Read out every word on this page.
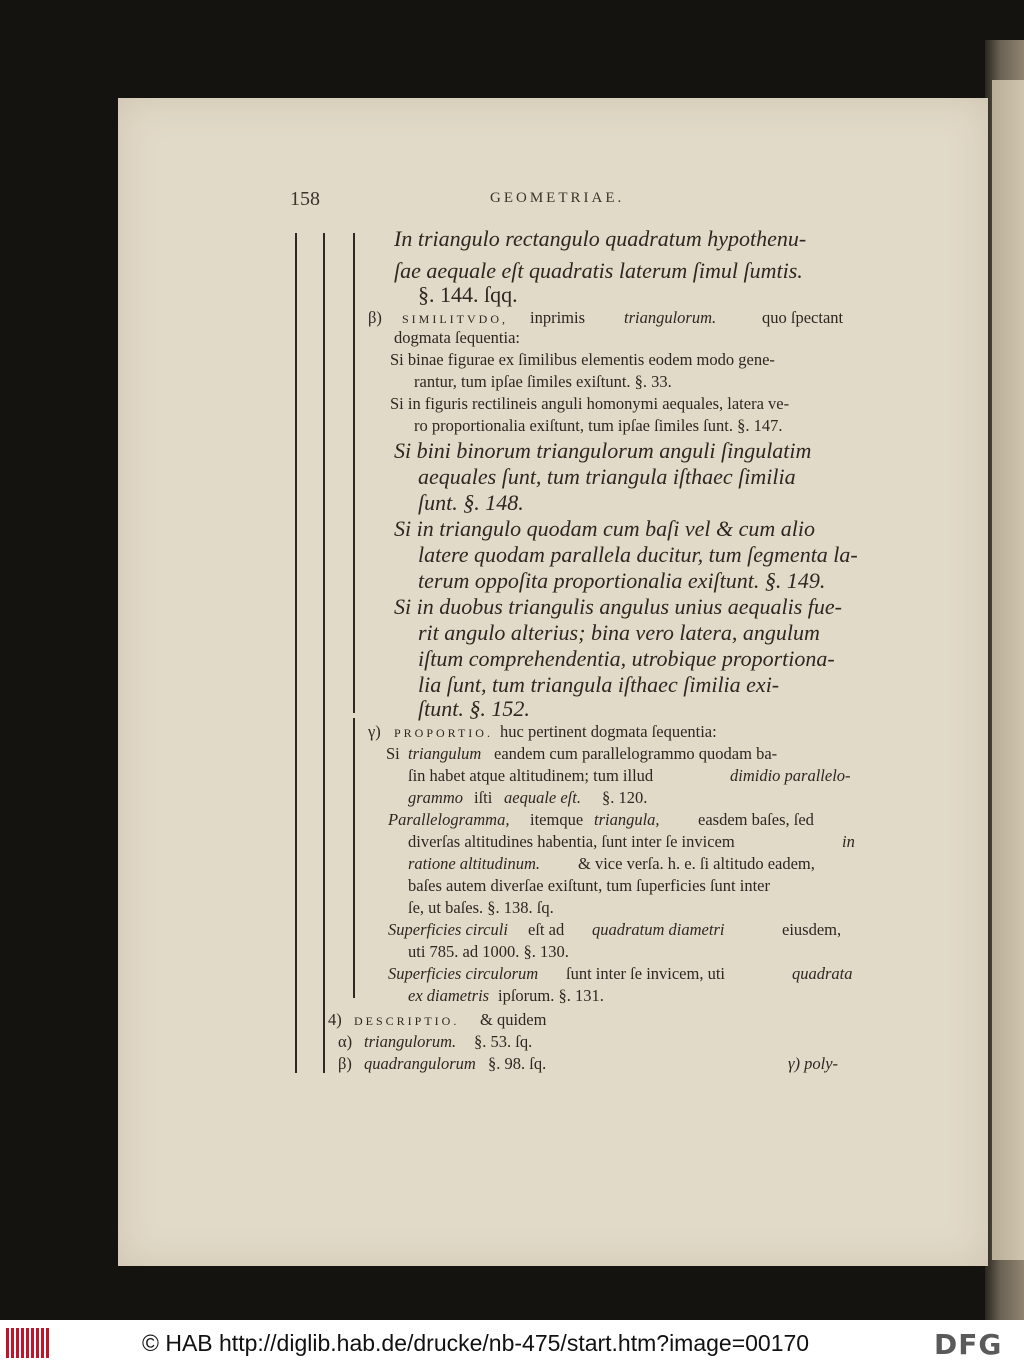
158	GEOMETRIAE.
In triangulo rectangulo quadratum hypothenu-
ſae aequale eſt quadratis laterum ſimul ſumtis.
§. 144. ſqq.
β) SIMILITVDO, inprimis triangulorum.	quo ſpectant
dogmata ſequentia:
Si binae figurae ex ſimilibus elementis eodem modo gene-
rantur, tum ipſae ſimiles exiſtunt. §. 33.
Si in figuris rectilineis anguli homonymi aequales, latera ve-
ro proportionalia exiſtunt, tum ipſae ſimiles ſunt. §. 147.
Si bini binorum triangulorum anguli ſingulatim
aequales ſunt, tum triangula iſthaec ſimilia
ſunt. §. 148.
Si in triangulo quodam cum baſi vel & cum alio
latere quodam parallela ducitur, tum ſegmenta la-
terum oppoſita proportionalia exiſtunt. §. 149.
Si in duobus triangulis angulus unius aequalis fue-
rit angulo alterius; bina vero latera, angulum
iſtum comprehendentia, utrobique proportiona-
lia ſunt, tum triangula iſthaec ſimilia exi-
ſtunt. §. 152.
γ) PROPORTIO. huc pertinent dogmata ſequentia:
Si triangulum eandem cum parallelogrammo quodam ba-
ſin habet atque altitudinem; tum illud	dimidio parallelo-
grammo iſti aequale eſt. §. 120.
Parallelogramma, itemque triangula, easdem baſes, ſed
diverſas altitudines habentia, ſunt inter ſe invicem	in
ratione altitudinum. & vice verſa. h. e. ſi altitudo eadem,
baſes autem diverſae exiſtunt, tum ſuperficies ſunt inter
ſe, ut baſes. §. 138. ſq.
Superficies circuli eſt ad quadratum diametri	eiusdem,
uti 785. ad 1000. §. 130.
Superficies circulorum ſunt inter ſe invicem, uti	quadrata
ex diametris ipſorum. §. 131.
4) DESCRIPTIO. & quidem
α) triangulorum. §. 53. ſq.
β) quadrangulorum §. 98. ſq.	γ) poly-
© HAB http://diglib.hab.de/drucke/nb-475/start.htm?image=00170	DFG
